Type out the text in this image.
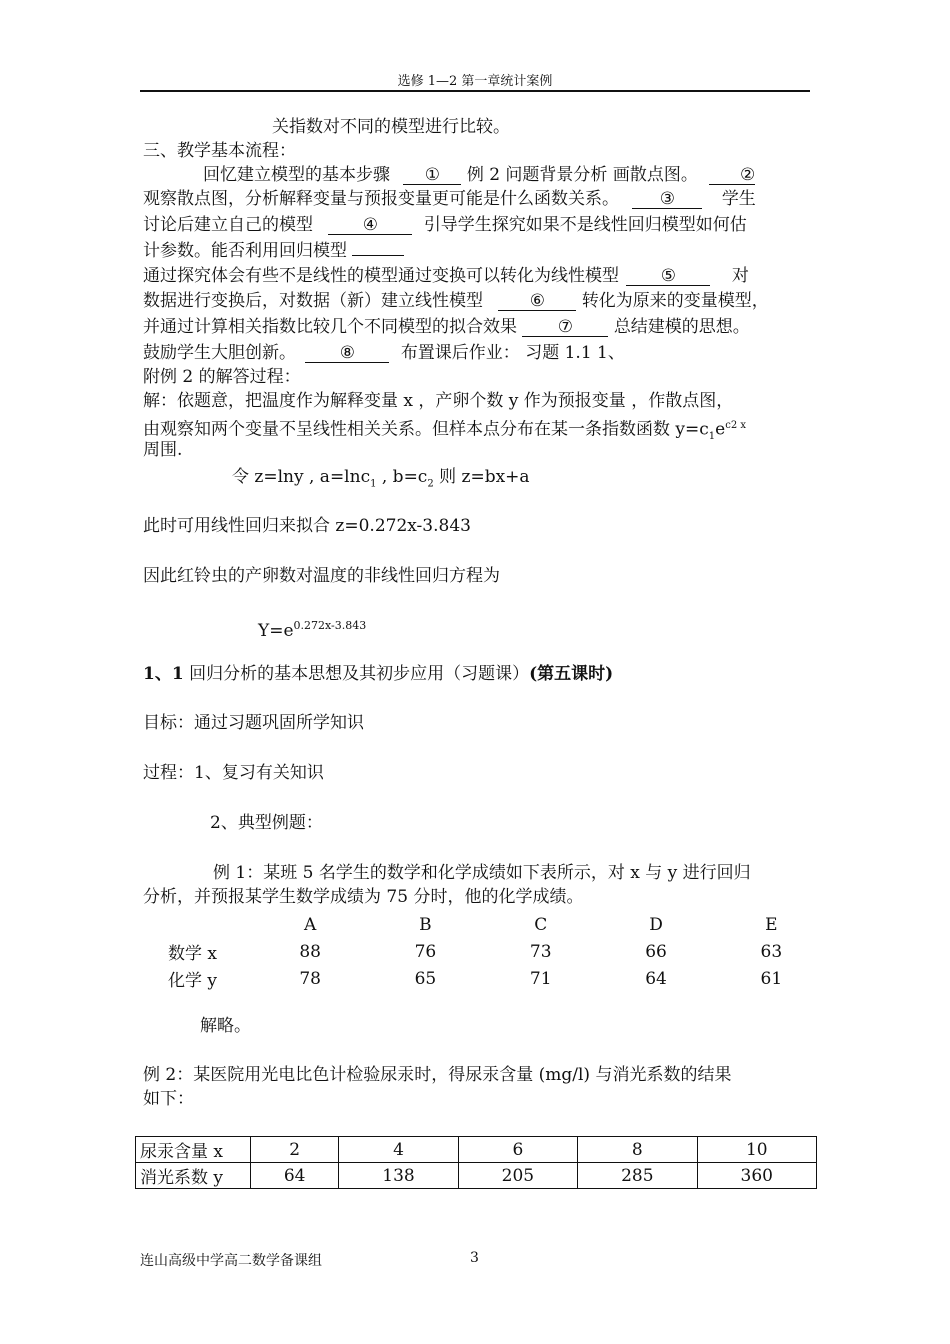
选修 1—2 第一章统计案例
关指数对不同的模型进行比较。
三、教学基本流程：
回忆建立模型的基本步骤 ① 例 2 问题背景分析 画散点图。 ②
观察散点图，分析解释变量与预报变量更可能是什么函数关系。 ③	学生
讨论后建立自己的模型	④	引导学生探究如果不是线性回归模型如何估
计参数。能否利用回归模型
通过探究体会有些不是线性的模型通过变换可以转化为线性模型 ⑤	对
数据进行变换后，对数据（新）建立线性模型	⑥ 转化为原来的变量模型，
并通过计算相关指数比较几个不同模型的拟合效果 ⑦ 总结建模的思想。
鼓励学生大胆创新。	⑧	布置课后作业： 习题 1.1 1、
附例 2 的解答过程：
解：依题意，把温度作为解释变量 x ，产卵个数 y 作为预报变量 ，作散点图，
由观察知两个变量不呈线性相关关系。但样本点分布在某一条指数函数 $y=c_1e^{c2 x}$
周围.
令 z=lny , a=lnc$_1$ , $b=c_2$ 则 z=bx+a
此时可用线性回归来拟合 z=0.272x-3.843
因此红铃虫的产卵数对温度的非线性回归方程为
$Y=e^{0.272x-3.843}$
1、1 回归分析的基本思想及其初步应用（习题课）(第五课时)
目标：通过习题巩固所学知识
过程：1、复习有关知识
2、典型例题：
例 1：某班 5 名学生的数学和化学成绩如下表所示，对 x 与 y 进行回归
分析，并预报某学生数学成绩为 75 分时，他的化学成绩。
	A	B	C	D	E
数学 x	88	76	73	66	63
化学 y	78	65	71	64	61
解略。
例 2：某医院用光电比色计检验尿汞时，得尿汞含量 (mg/l) 与消光系数的结果
如下：
尿汞含量 x	2	4	6	8	10
消光系数 y	64	138	205	285	360
连山高级中学高二数学备课组	3
